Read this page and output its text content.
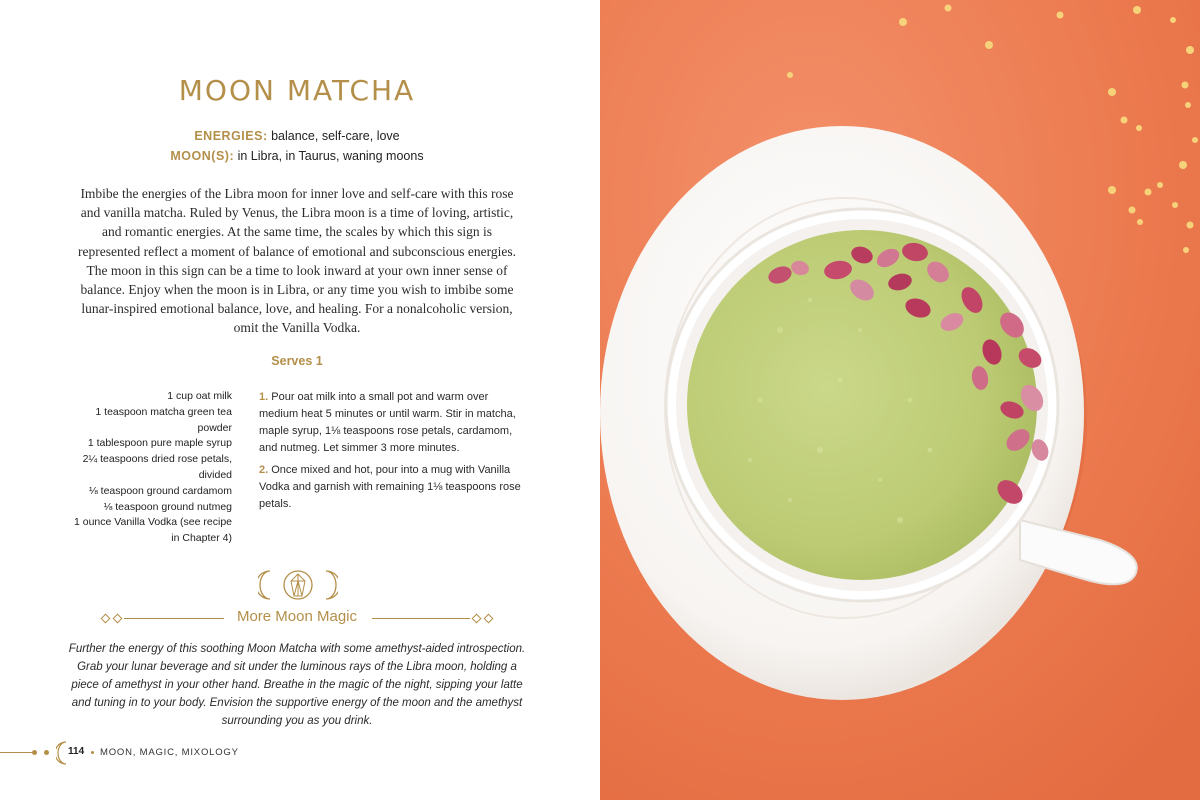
MOON MATCHA
ENERGIES: balance, self-care, love
MOON(S): in Libra, in Taurus, waning moons
Imbibe the energies of the Libra moon for inner love and self-care with this rose and vanilla matcha. Ruled by Venus, the Libra moon is a time of loving, artistic, and romantic energies. At the same time, the scales by which this sign is represented reflect a moment of balance of emotional and subconscious energies. The moon in this sign can be a time to look inward at your own inner sense of balance. Enjoy when the moon is in Libra, or any time you wish to imbibe some lunar-inspired emotional balance, love, and healing. For a nonalcoholic version, omit the Vanilla Vodka.
Serves 1
1 cup oat milk
1 teaspoon matcha green tea powder
1 tablespoon pure maple syrup
2¼ teaspoons dried rose petals, divided
⅛ teaspoon ground cardamom
⅛ teaspoon ground nutmeg
1 ounce Vanilla Vodka (see recipe in Chapter 4)

1. Pour oat milk into a small pot and warm over medium heat 5 minutes or until warm. Stir in matcha, maple syrup, 1⅛ teaspoons rose petals, cardamom, and nutmeg. Let simmer 3 more minutes.

2. Once mixed and hot, pour into a mug with Vanilla Vodka and garnish with remaining 1⅛ teaspoons rose petals.

More Moon Magic
Further the energy of this soothing Moon Matcha with some amethyst-aided introspection. Grab your lunar beverage and sit under the luminous rays of the Libra moon, holding a piece of amethyst in your other hand. Breathe in the magic of the night, sipping your latte and tuning in to your body. Envision the supportive energy of the moon and the amethyst surrounding you as you drink.
114 MOON, MAGIC, MIXOLOGY
